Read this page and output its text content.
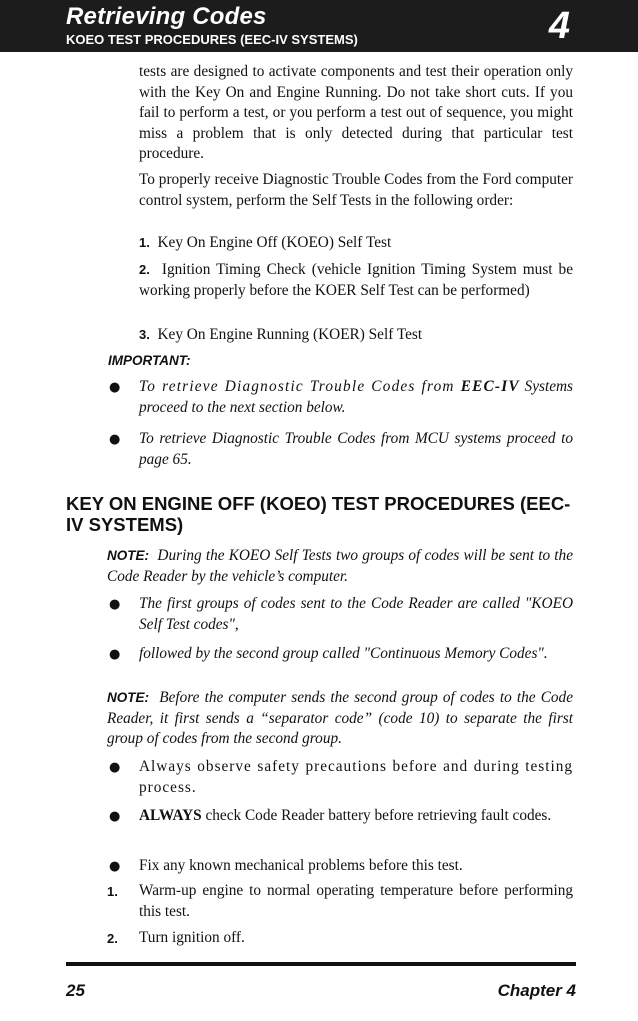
Retrieving Codes
KOEO TEST PROCEDURES (EEC-IV SYSTEMS)	4
tests are designed to activate components and test their operation only with the Key On and Engine Running. Do not take short cuts. If you fail to perform a test, or you perform a test out of sequence, you might miss a problem that is only detected during that particular test procedure.
To properly receive Diagnostic Trouble Codes from the Ford computer control system, perform the Self Tests in the following order:
1. Key On Engine Off (KOEO) Self Test
2. Ignition Timing Check (vehicle Ignition Timing System must be working properly before the KOER Self Test can be performed)
3. Key On Engine Running (KOER) Self Test
IMPORTANT:
● To retrieve Diagnostic Trouble Codes from EEC-IV Systems proceed to the next section below.
● To retrieve Diagnostic Trouble Codes from MCU systems proceed to page 65.
KEY ON ENGINE OFF (KOEO) TEST PROCEDURES (EEC-IV SYSTEMS)
NOTE: During the KOEO Self Tests two groups of codes will be sent to the Code Reader by the vehicle’s computer.
● The first groups of codes sent to the Code Reader are called "KOEO Self Test codes",
● followed by the second group called "Continuous Memory Codes".
NOTE: Before the computer sends the second group of codes to the Code Reader, it first sends a “separator code” (code 10) to separate the first group of codes from the second group.
● Always observe safety precautions before and during testing process.
● ALWAYS check Code Reader battery before retrieving fault codes.
● Fix any known mechanical problems before this test.
1. Warm-up engine to normal operating temperature before performing this test.
2. Turn ignition off.
25	Chapter 4
